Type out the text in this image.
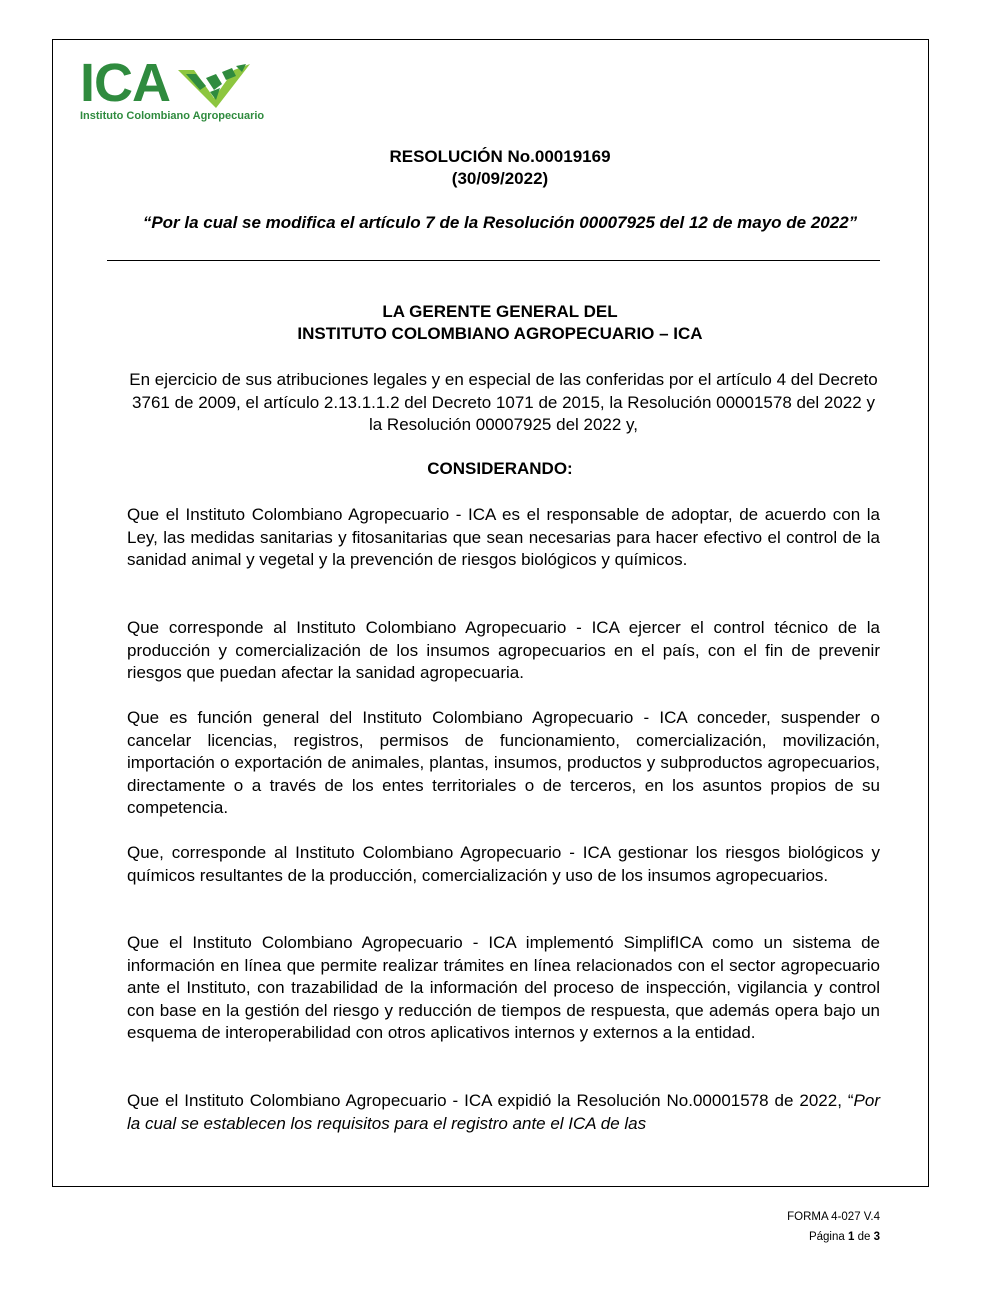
ICA
Instituto Colombiano Agropecuario
RESOLUCIÓN No.00019169
(30/09/2022)
“Por la cual se modifica el artículo 7 de la Resolución 00007925 del 12 de mayo de 2022”
LA GERENTE GENERAL DEL
INSTITUTO COLOMBIANO AGROPECUARIO – ICA
En ejercicio de sus atribuciones legales y en especial de las conferidas por el artículo 4 del Decreto 3761 de 2009, el artículo 2.13.1.1.2 del Decreto 1071 de 2015, la Resolución 00001578 del 2022 y la Resolución 00007925 del 2022 y,
CONSIDERANDO:
Que el Instituto Colombiano Agropecuario - ICA es el responsable de adoptar, de acuerdo con la Ley, las medidas sanitarias y fitosanitarias que sean necesarias para hacer efectivo el control de la sanidad animal y vegetal y la prevención de riesgos biológicos y químicos.
Que corresponde al Instituto Colombiano Agropecuario - ICA ejercer el control técnico de la producción y comercialización de los insumos agropecuarios en el país, con el fin de prevenir riesgos que puedan afectar la sanidad agropecuaria.
Que es función general del Instituto Colombiano Agropecuario - ICA conceder, suspender o cancelar licencias, registros, permisos de funcionamiento, comercialización, movilización, importación o exportación de animales, plantas, insumos, productos y subproductos agropecuarios, directamente o a través de los entes territoriales o de terceros, en los asuntos propios de su competencia.
Que, corresponde al Instituto Colombiano Agropecuario - ICA gestionar los riesgos biológicos y químicos resultantes de la producción, comercialización y uso de los insumos agropecuarios.
Que el Instituto Colombiano Agropecuario - ICA implementó SimplifICA como un sistema de información en línea que permite realizar trámites en línea relacionados con el sector agropecuario ante el Instituto, con trazabilidad de la información del proceso de inspección, vigilancia y control con base en la gestión del riesgo y reducción de tiempos de respuesta, que además opera bajo un esquema de interoperabilidad con otros aplicativos internos y externos a la entidad.
Que el Instituto Colombiano Agropecuario - ICA expidió la Resolución No.00001578 de 2022, “Por la cual se establecen los requisitos para el registro ante el ICA de las
FORMA 4-027 V.4
Página 1 de 3
